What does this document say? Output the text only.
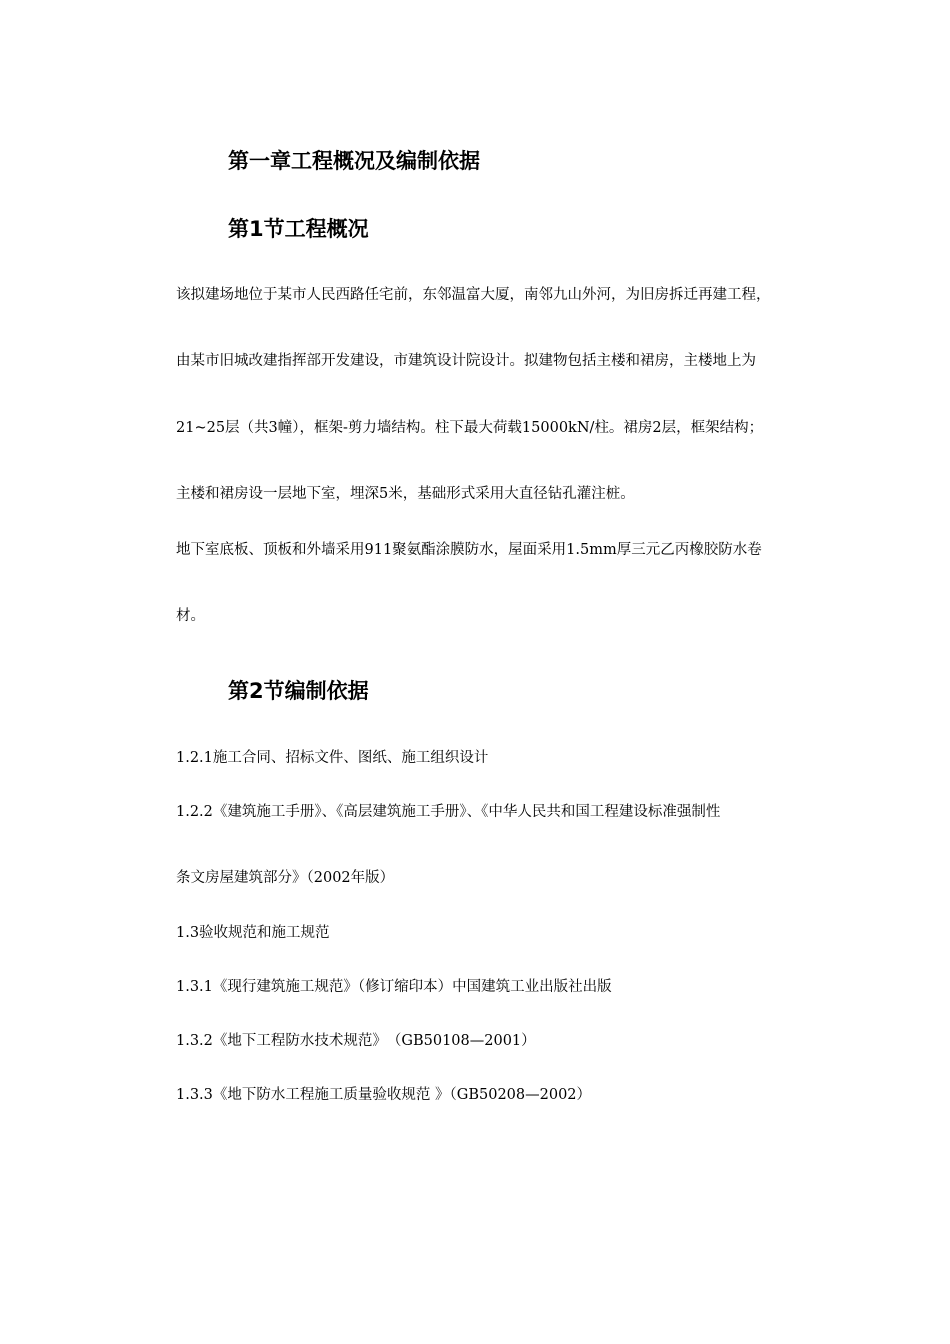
第一章工程概况及编制依据
第1节工程概况

该拟建场地位于某市人民西路任宅前，东邻温富大厦，南邻九山外河，为旧房拆迁再建工程，

由某市旧城改建指挥部开发建设，市建筑设计院设计。拟建物包括主楼和裙房，主楼地上为

21~25层（共3幢），框架-剪力墙结构。柱下最大荷载15000kN/柱。裙房2层，框架结构；

主楼和裙房设一层地下室，埋深5米，基础形式采用大直径钻孔灌注桩。

地下室底板、顶板和外墙采用911聚氨酯涂膜防水，屋面采用1.5mm厚三元乙丙橡胶防水卷

材。

第2节编制依据

1.2.1施工合同、招标文件、图纸、施工组织设计

1.2.2《建筑施工手册》、《高层建筑施工手册》、《中华人民共和国工程建设标准强制性

条文房屋建筑部分》（2002年版）

1.3验收规范和施工规范

1.3.1《现行建筑施工规范》（修订缩印本）中国建筑工业出版社出版

1.3.2《地下工程防水技术规范》　（GB50108—2001）

1.3.3《地下防水工程施工质量验收规范 》（GB50208—2002）
